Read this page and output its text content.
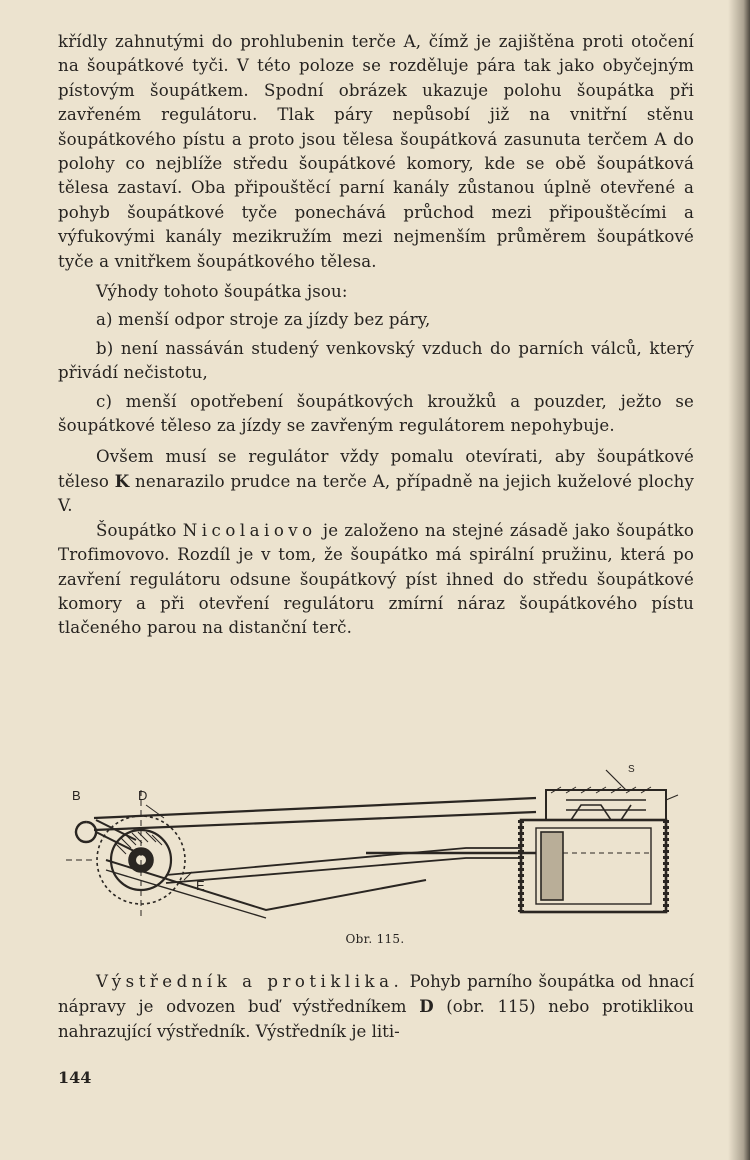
křídly zahnutými do prohlubenin terče A, čímž je zajištěna proti otočení na šoupátkové tyči. V této poloze se rozděluje pára tak jako obyčejným pístovým šoupátkem. Spodní obrázek ukazuje polohu šoupátka při zavřeném regulátoru. Tlak páry nepůsobí již na vnitřní stěnu šoupátkového pístu a proto jsou tělesa šoupátková zasunuta terčem A do polohy co nejblíže středu šoupátkové komory, kde se obě šoupátková tělesa zastaví. Oba připouštěcí parní kanály zůstanou úplně otevřené a pohyb šoupátkové tyče ponechává průchod mezi připouštěcími a výfukovými kanály mezikružím mezi nejmenším průměrem šoupátkové tyče a vnitřkem šoupátkového tělesa.

Výhody tohoto šoupátka jsou:

a) menší odpor stroje za jízdy bez páry,

b) není nassáván studený venkovský vzduch do parních válců, který přivádí nečistotu,

c) menší opotřebení šoupátkových kroužků a pouzder, ježto se šoupátkové těleso za jízdy se zavřeným regulátorem nepohybuje.

Ovšem musí se regulátor vždy pomalu otevírati, aby šoupátkové těleso K nenarazilo prudce na terče A, případně na jejich kuželové plochy V.

Šoupátko Nicolaiovo je založeno na stejné zásadě jako šoupátko Trofimovovo. Rozdíl je v tom, že šoupátko má spirální pružinu, která po zavření regulátoru odsune šoupátkový píst ihned do středu šoupátkové komory a při otevření regulátoru zmírní náraz šoupátkového pístu tlačeného parou na distanční terč.

B	D
E
S
Obr. 115.

Výstředník a protiklika. Pohyb parního šoupátka od hnací nápravy je odvozen buď výstředníkem D (obr. 115) nebo protiklikou nahrazující výstředník. Výstředník je liti-

144
